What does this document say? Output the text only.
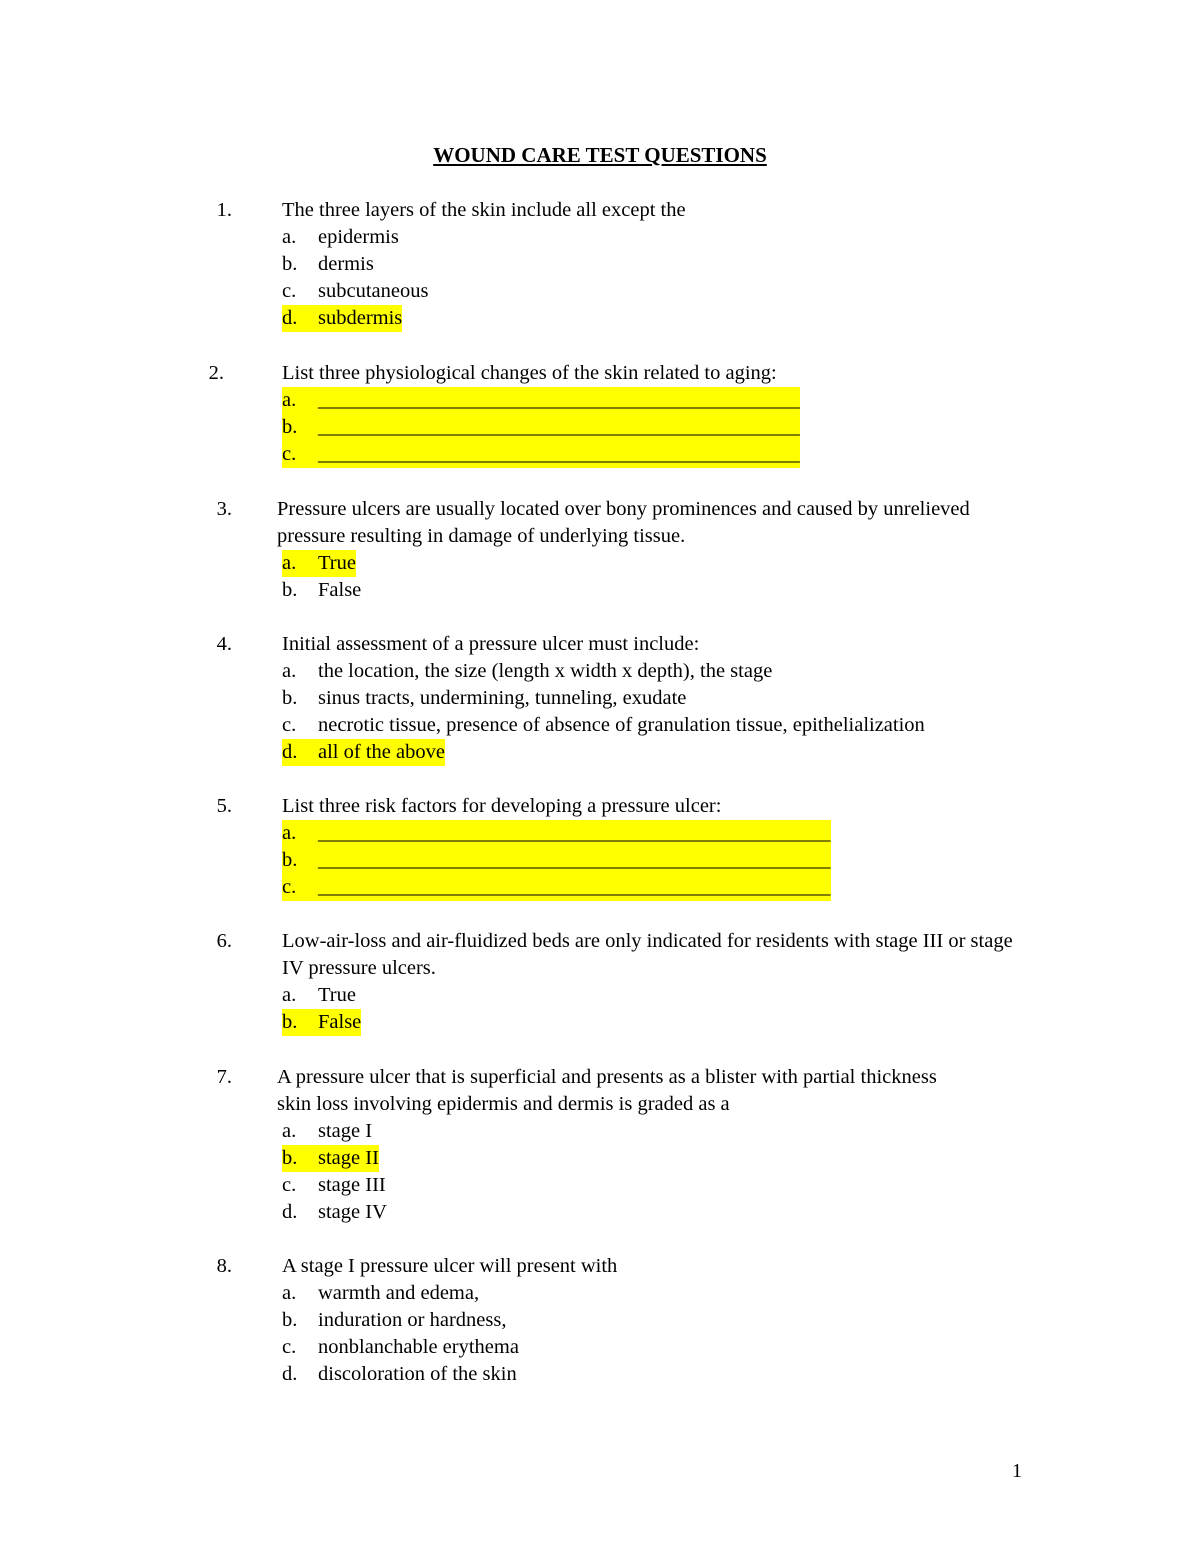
WOUND CARE TEST QUESTIONS
1. The three layers of the skin include all except the
a. epidermis
b. dermis
c. subcutaneous
d. subdermis
2.	List three physiological changes of the skin related to aging:
a. _______________________________________________
b. _______________________________________________
c. _______________________________________________
3. Pressure ulcers are usually located over bony prominences and caused by unrelieved pressure resulting in damage of underlying tissue.
a. True
b. False
4. Initial assessment of a pressure ulcer must include:
a. the location, the size (length x width x depth), the stage
b. sinus tracts, undermining, tunneling, exudate
c. necrotic tissue, presence of absence of granulation tissue, epithelialization
d. all of the above
5. List three risk factors for developing a pressure ulcer:
a. __________________________________________________
b. __________________________________________________
c. __________________________________________________
6. Low-air-loss and air-fluidized beds are only indicated for residents with stage III or stage IV pressure ulcers.
a. True
b. False
7. A pressure ulcer that is superficial and presents as a blister with partial thickness skin loss involving epidermis and dermis is graded as a
a. stage I
b. stage II
c. stage III
d. stage IV
8. A stage I pressure ulcer will present with
a. warmth and edema,
b. induration or hardness,
c. nonblanchable erythema
d. discoloration of the skin
1
